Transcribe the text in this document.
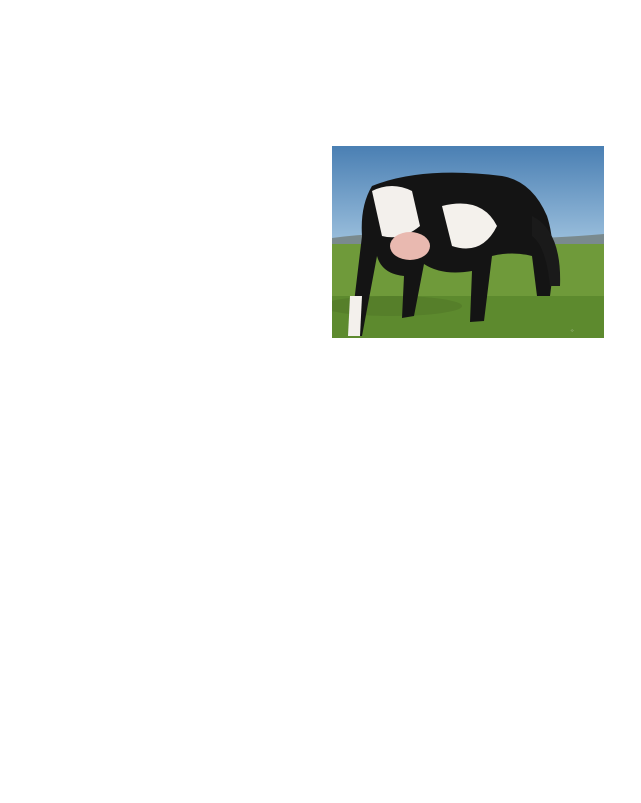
⁘
